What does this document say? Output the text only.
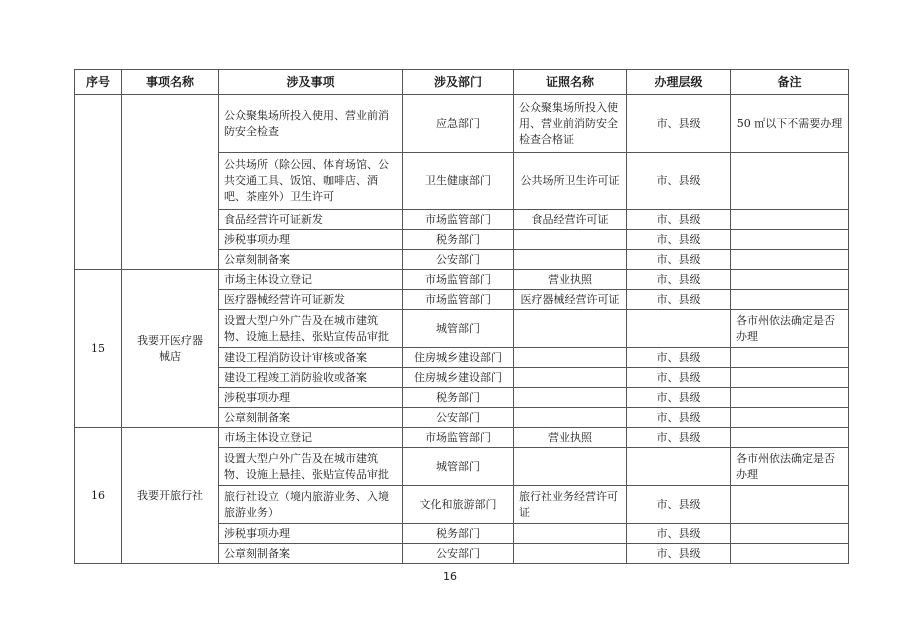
序号	事项名称	涉及事项	涉及部门	证照名称	办理层级	备注
		公众聚集场所投入使用、营业前消防安全检查	应急部门	公众聚集场所投入使用、营业前消防安全检查合格证	市、县级	50 ㎡以下不需要办理
		公共场所（除公园、体育场馆、公共交通工具、饭馆、咖啡店、酒吧、茶座外）卫生许可	卫生健康部门	公共场所卫生许可证	市、县级	
		食品经营许可证新发	市场监管部门	食品经营许可证	市、县级	
		涉税事项办理	税务部门		市、县级	
		公章刻制备案	公安部门		市、县级	
15	我要开医疗器械店	市场主体设立登记	市场监管部门	营业执照	市、县级	
		医疗器械经营许可证新发	市场监管部门	医疗器械经营许可证	市、县级	
		设置大型户外广告及在城市建筑物、设施上悬挂、张贴宣传品审批	城管部门			各市州依法确定是否办理
		建设工程消防设计审核或备案	住房城乡建设部门		市、县级	
		建设工程竣工消防验收或备案	住房城乡建设部门		市、县级	
		涉税事项办理	税务部门		市、县级	
		公章刻制备案	公安部门		市、县级	
16	我要开旅行社	市场主体设立登记	市场监管部门	营业执照	市、县级	
		设置大型户外广告及在城市建筑物、设施上悬挂、张贴宣传品审批	城管部门			各市州依法确定是否办理
		旅行社设立（境内旅游业务、入境旅游业务）	文化和旅游部门	旅行社业务经营许可证	市、县级	
		涉税事项办理	税务部门		市、县级	
		公章刻制备案	公安部门		市、县级	
16
